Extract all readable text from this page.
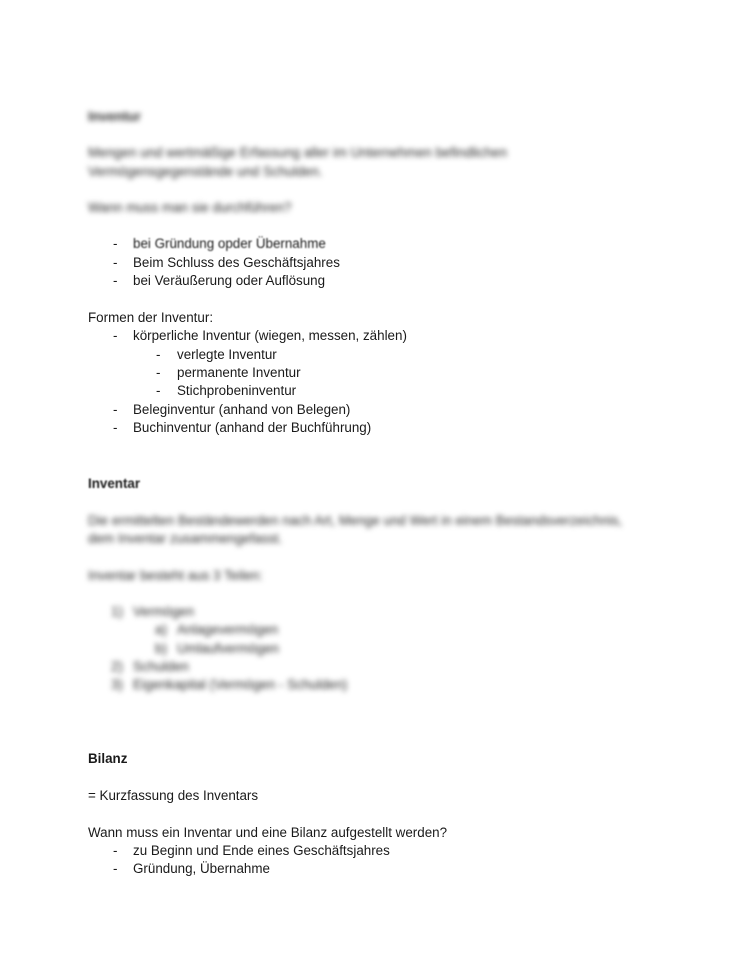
Inventur
Mengen und wertmäßige Erfassung aller im Unternehmen befindlichen
Vermögensgegenstände und Schulden.
Wann muss man sie durchführen?
- bei Gründung opder Übernahme
- Beim Schluss des Geschäftsjahres
- bei Veräußerung oder Auflösung
Formen der Inventur:
- körperliche Inventur (wiegen, messen, zählen)
- verlegte Inventur
- permanente Inventur
- Stichprobeninventur
- Beleginventur (anhand von Belegen)
- Buchinventur (anhand der Buchführung)
Inventar
Die ermittelten Beständewerden nach Art, Menge und Wert in einem Bestandsverzeichnis,
dem Inventar zusammengefasst.
Inventar besteht aus 3 Teilen:
1) Vermögen
a) Anlagevermögen
b) Umlaufvermögen
2) Schulden
3) Eigenkapital (Vermögen - Schulden)
Bilanz
= Kurzfassung des Inventars
Wann muss ein Inventar und eine Bilanz aufgestellt werden?
- zu Beginn und Ende eines Geschäftsjahres
- Gründung, Übernahme
